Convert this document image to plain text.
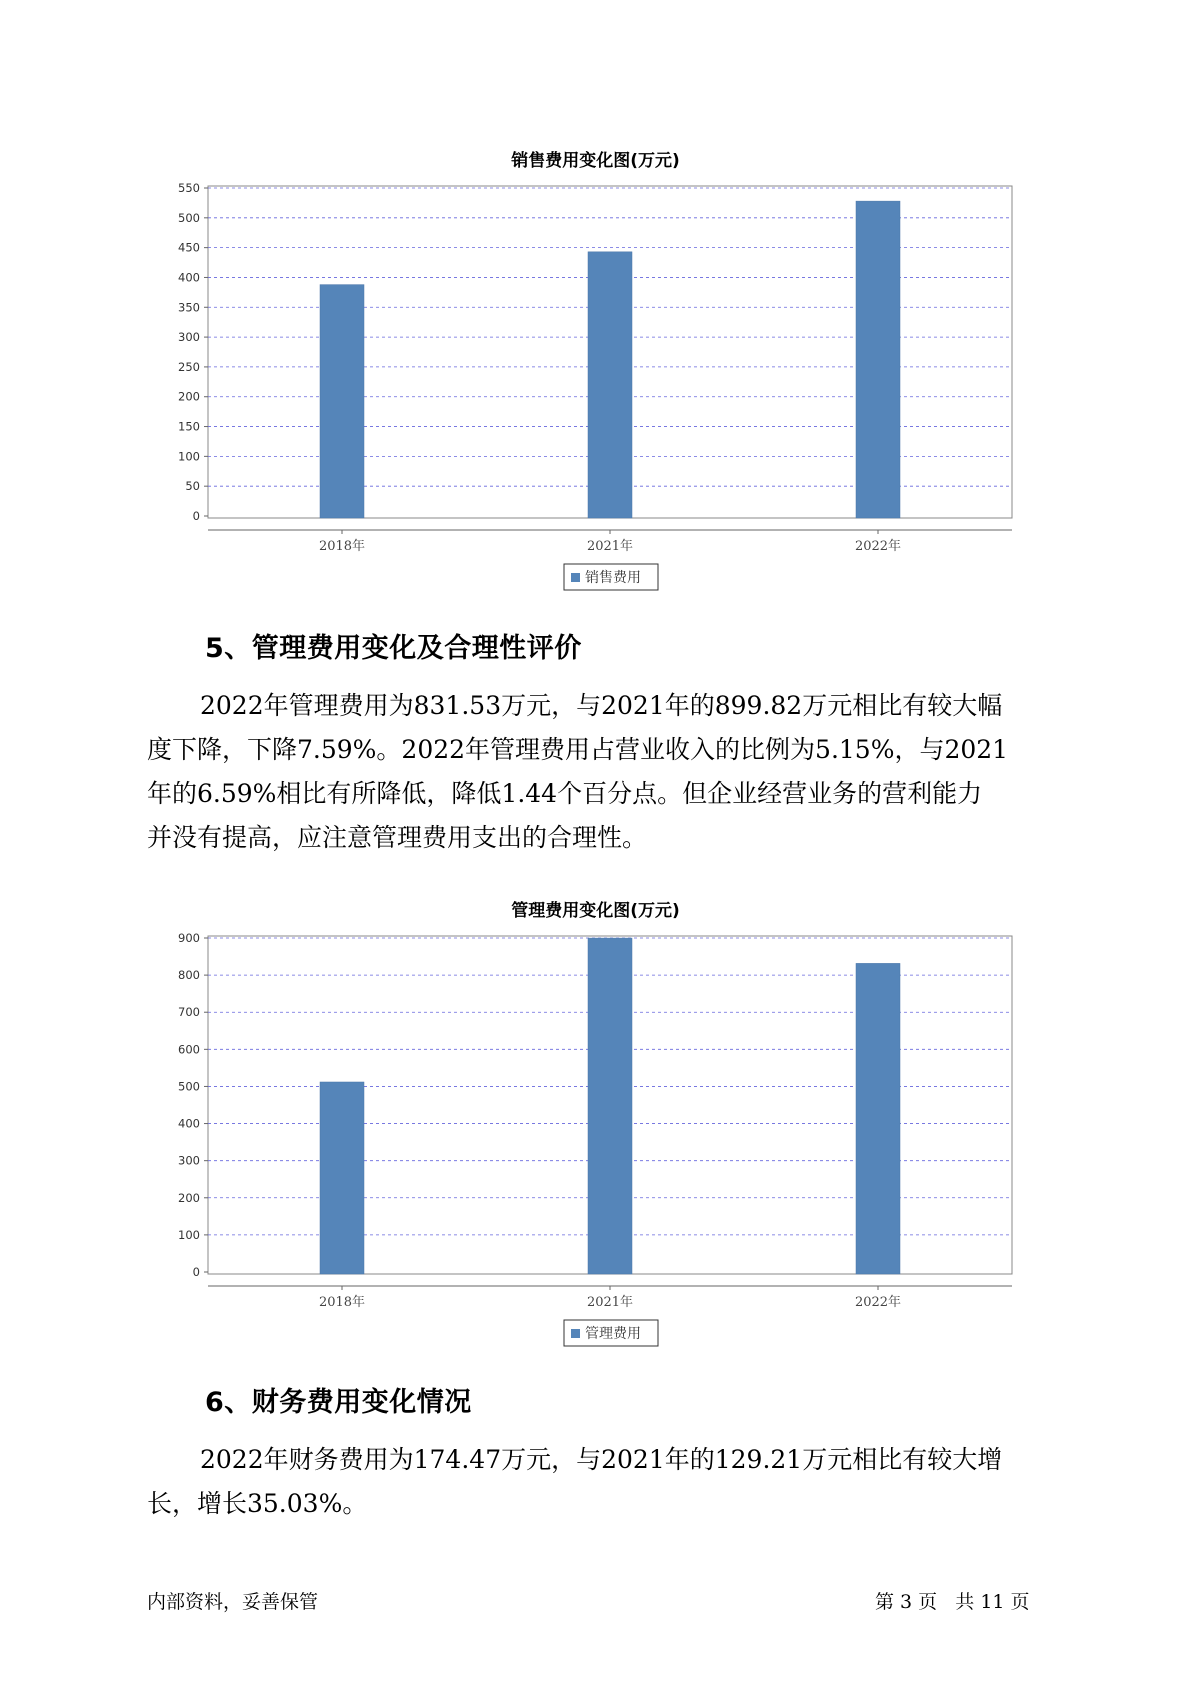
销售费用变化图(万元)
0
50
100
150
200
250
300
350
400
450
500
550
2018年	2021年	2022年
销售费用
5、管理费用变化及合理性评价
2022年管理费用为831.53万元，与2021年的899.82万元相比有较大幅
度下降，下降7.59%。2022年管理费用占营业收入的比例为5.15%，与2021
年的6.59%相比有所降低，降低1.44个百分点。但企业经营业务的营利能力
并没有提高，应注意管理费用支出的合理性。
管理费用变化图(万元)
0
100
200
300
400
500
600
700
800
900
2018年	2021年	2022年
管理费用
6、财务费用变化情况
2022年财务费用为174.47万元，与2021年的129.21万元相比有较大增
长，增长35.03%。
内部资料，妥善保管	第 3 页   共 11 页
